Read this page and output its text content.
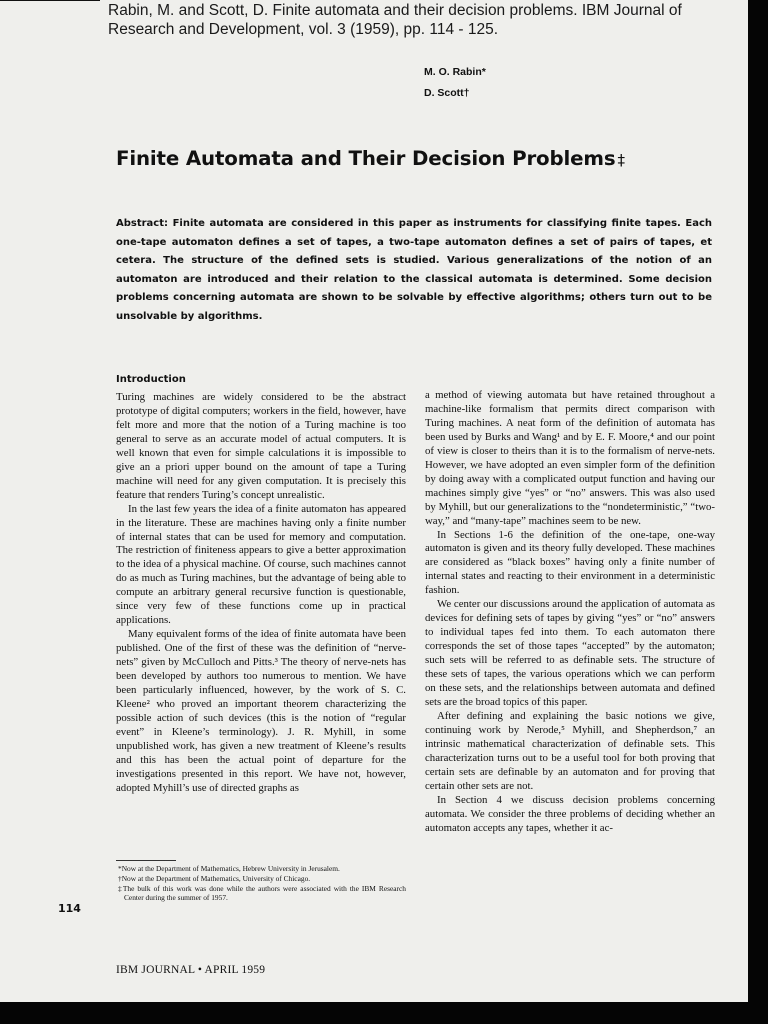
Rabin, M. and Scott, D. Finite automata and their decision problems. IBM Journal of
Research and Development, vol. 3 (1959), pp. 114 - 125.
M. O. Rabin*
D. Scott†
Finite Automata and Their Decision Problems ‡
Abstract: Finite automata are considered in this paper as instruments for classifying finite tapes. Each one-tape automaton defines a set of tapes, a two-tape automaton defines a set of pairs of tapes, et cetera. The structure of the defined sets is studied. Various generalizations of the notion of an automaton are introduced and their relation to the classical automata is determined. Some decision problems concerning automata are shown to be solvable by effective algorithms; others turn out to be unsolvable by algorithms.
Introduction

Turing machines are widely considered to be the abstract prototype of digital computers; workers in the field, however, have felt more and more that the notion of a Turing machine is too general to serve as an accurate model of actual computers. It is well known that even for simple calculations it is impossible to give an a priori upper bound on the amount of tape a Turing machine will need for any given computation. It is precisely this feature that renders Turing’s concept unrealistic.

In the last few years the idea of a finite automaton has appeared in the literature. These are machines having only a finite number of internal states that can be used for memory and computation. The restriction of finiteness appears to give a better approximation to the idea of a physical machine. Of course, such machines cannot do as much as Turing machines, but the advantage of being able to compute an arbitrary general recursive function is questionable, since very few of these functions come up in practical applications.

Many equivalent forms of the idea of finite automata have been published. One of the first of these was the definition of “nerve-nets” given by McCulloch and Pitts.³ The theory of nerve-nets has been developed by authors too numerous to mention. We have been particularly influenced, however, by the work of S. C. Kleene² who proved an important theorem characterizing the possible action of such devices (this is the notion of “regular event” in Kleene’s terminology). J. R. Myhill, in some unpublished work, has given a new treatment of Kleene’s results and this has been the actual point of departure for the investigations presented in this report. We have not, however, adopted Myhill’s use of directed graphs as

a method of viewing automata but have retained throughout a machine-like formalism that permits direct comparison with Turing machines. A neat form of the definition of automata has been used by Burks and Wang¹ and by E. F. Moore,⁴ and our point of view is closer to theirs than it is to the formalism of nerve-nets. However, we have adopted an even simpler form of the definition by doing away with a complicated output function and having our machines simply give “yes” or “no” answers. This was also used by Myhill, but our generalizations to the “nondeterministic,” “two-way,” and “many-tape” machines seem to be new.

In Sections 1-6 the definition of the one-tape, one-way automaton is given and its theory fully developed. These machines are considered as “black boxes” having only a finite number of internal states and reacting to their environment in a deterministic fashion.

We center our discussions around the application of automata as devices for defining sets of tapes by giving “yes” or “no” answers to individual tapes fed into them. To each automaton there corresponds the set of those tapes “accepted” by the automaton; such sets will be referred to as definable sets. The structure of these sets of tapes, the various operations which we can perform on these sets, and the relationships between automata and defined sets are the broad topics of this paper.

After defining and explaining the basic notions we give, continuing work by Nerode,⁵ Myhill, and Shepherdson,⁷ an intrinsic mathematical characterization of definable sets. This characterization turns out to be a useful tool for both proving that certain sets are definable by an automaton and for proving that certain other sets are not.

In Section 4 we discuss decision problems concerning automata. We consider the three problems of deciding whether an automaton accepts any tapes, whether it ac-

*Now at the Department of Mathematics, Hebrew University in Jerusalem.

†Now at the Department of Mathematics, University of Chicago.

‡The bulk of this work was done while the authors were associated with the IBM Research Center during the summer of 1957.

114
IBM JOURNAL • APRIL 1959
